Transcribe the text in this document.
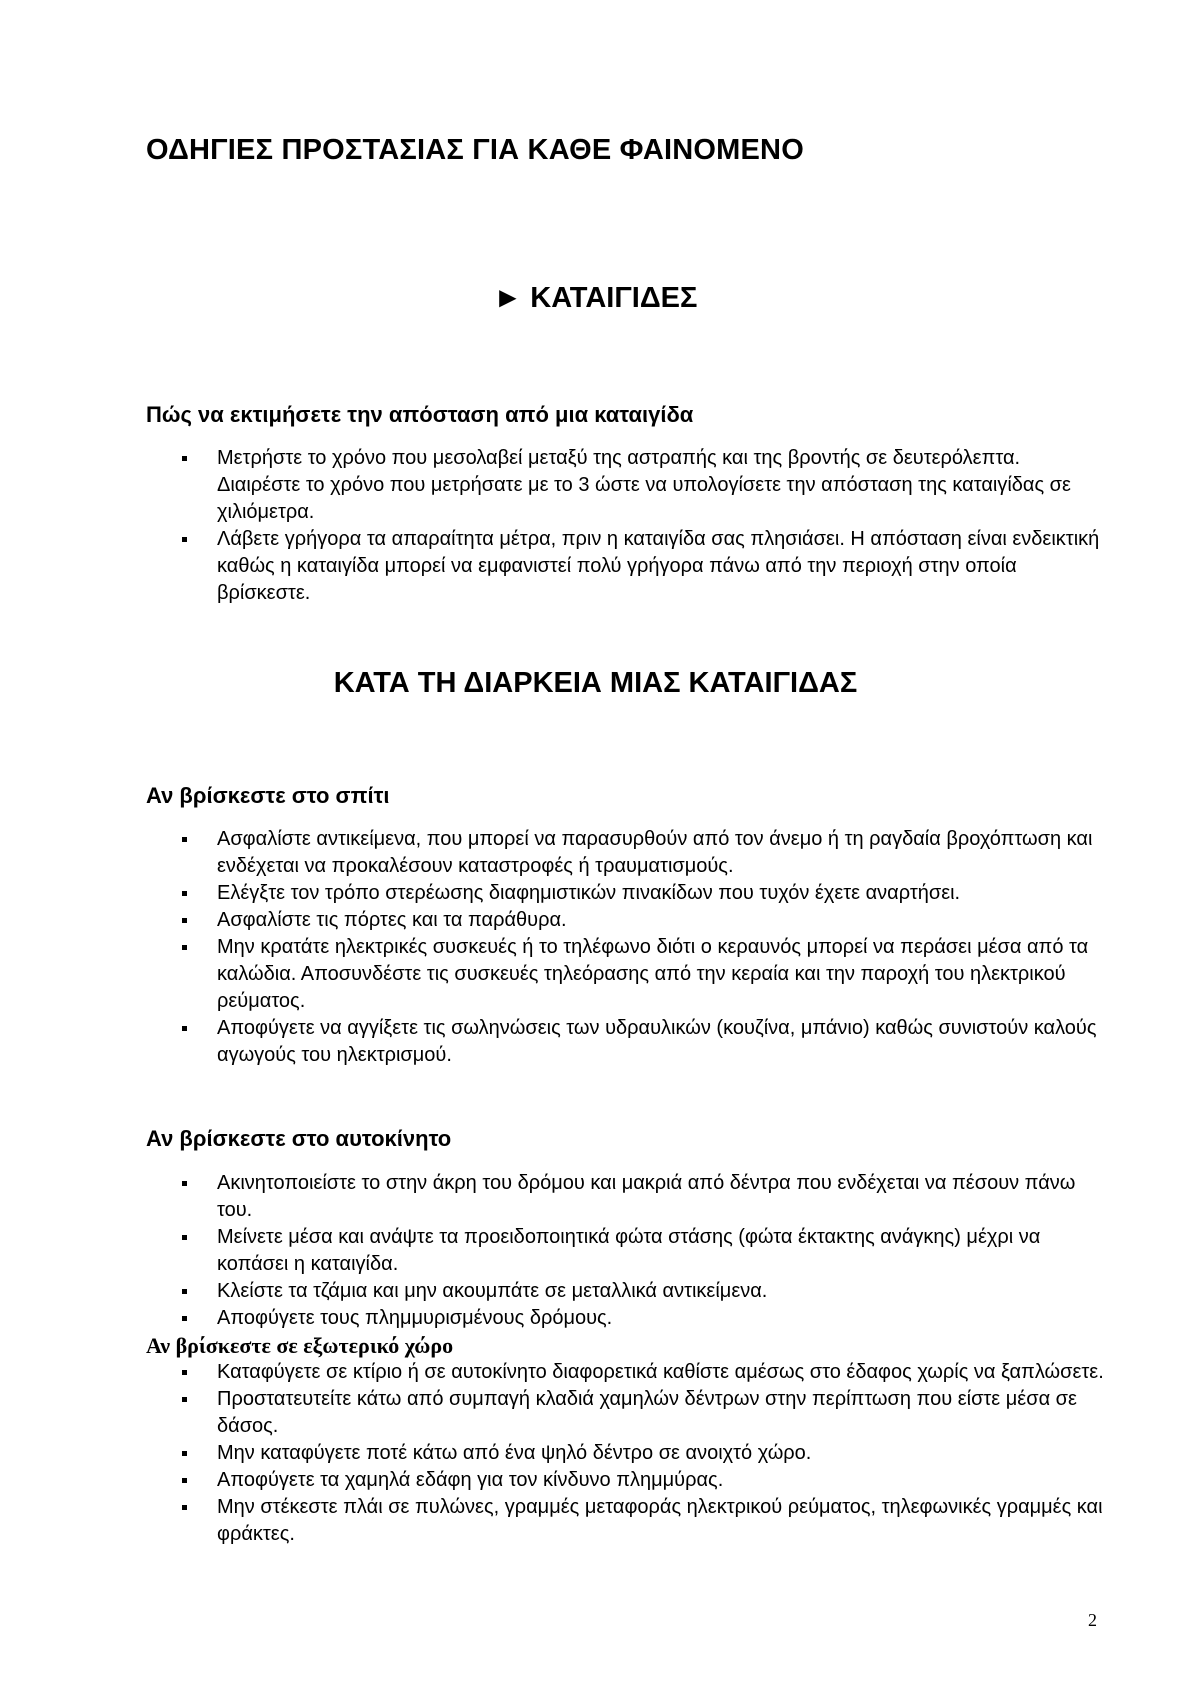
ΟΔΗΓΙΕΣ ΠΡΟΣΤΑΣΙΑΣ ΓΙΑ ΚΑΘΕ ΦΑΙΝΟΜΕΝΟ
► ΚΑΤΑΙΓΙΔΕΣ
Πώς να εκτιμήσετε την απόσταση από μια καταιγίδα
Μετρήστε το χρόνο που μεσολαβεί μεταξύ της αστραπής και της βροντής σε δευτερόλεπτα. Διαιρέστε το χρόνο που μετρήσατε με το 3 ώστε να υπολογίσετε την απόσταση της καταιγίδας σε χιλιόμετρα.
Λάβετε γρήγορα τα απαραίτητα μέτρα, πριν η καταιγίδα σας πλησιάσει. Η απόσταση είναι ενδεικτική καθώς η καταιγίδα μπορεί να εμφανιστεί πολύ γρήγορα πάνω από την περιοχή στην οποία βρίσκεστε.
ΚΑΤΑ ΤΗ ΔΙΑΡΚΕΙΑ ΜΙΑΣ ΚΑΤΑΙΓΙΔΑΣ
Αν βρίσκεστε στο σπίτι
Ασφαλίστε αντικείμενα, που μπορεί να παρασυρθούν από τον άνεμο ή τη ραγδαία βροχόπτωση και ενδέχεται να προκαλέσουν καταστροφές ή τραυματισμούς.
Ελέγξτε τον τρόπο στερέωσης διαφημιστικών πινακίδων που τυχόν έχετε αναρτήσει.
Ασφαλίστε τις πόρτες και τα παράθυρα.
Μην κρατάτε ηλεκτρικές συσκευές ή το τηλέφωνο διότι ο κεραυνός μπορεί να περάσει μέσα από τα καλώδια. Αποσυνδέστε τις συσκευές τηλεόρασης από την κεραία και την παροχή του ηλεκτρικού ρεύματος.
Αποφύγετε να αγγίξετε τις σωληνώσεις των υδραυλικών (κουζίνα, μπάνιο) καθώς συνιστούν καλούς αγωγούς του ηλεκτρισμού.
Αν βρίσκεστε στο αυτοκίνητο
Ακινητοποιείστε το στην άκρη του δρόμου και μακριά από δέντρα που ενδέχεται να πέσουν πάνω του.
Μείνετε μέσα και ανάψτε τα προειδοποιητικά φώτα στάσης (φώτα έκτακτης ανάγκης) μέχρι να κοπάσει η καταιγίδα.
Κλείστε τα τζάμια και μην ακουμπάτε σε μεταλλικά αντικείμενα.
Αποφύγετε τους πλημμυρισμένους δρόμους.
Αν βρίσκεστε σε εξωτερικό χώρο
Καταφύγετε σε κτίριο ή σε αυτοκίνητο διαφορετικά καθίστε αμέσως στο έδαφος χωρίς να ξαπλώσετε.
Προστατευτείτε κάτω από συμπαγή κλαδιά χαμηλών δέντρων στην περίπτωση που είστε μέσα σε δάσος.
Μην καταφύγετε ποτέ κάτω από ένα ψηλό δέντρο σε ανοιχτό χώρο.
Αποφύγετε τα χαμηλά εδάφη για τον κίνδυνο πλημμύρας.
Μην στέκεστε πλάι σε πυλώνες, γραμμές μεταφοράς ηλεκτρικού ρεύματος, τηλεφωνικές γραμμές και φράκτες.
2
